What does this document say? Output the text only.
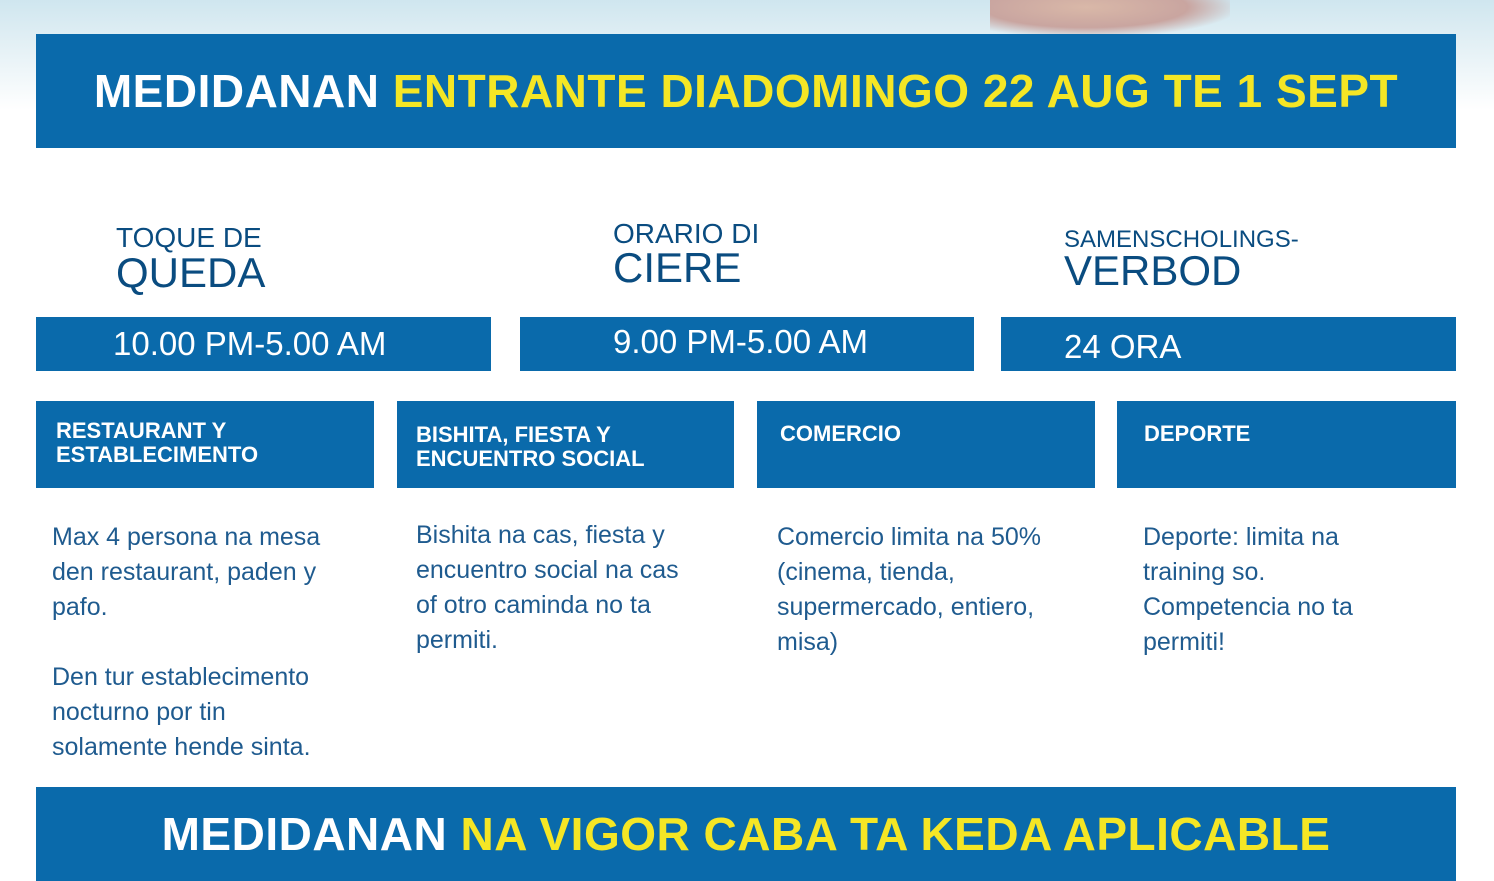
MEDIDANAN
ENTRANTE DIADOMINGO 22 AUG TE 1 SEPT
TOQUE DE
QUEDA
ORARIO DI
CIERE
SAMENSCHOLINGS-
VERBOD
10.00 PM-5.00 AM	9.00 PM-5.00 AM	24 ORA
RESTAURANT Y
ESTABLECIMENTO
BISHITA, FIESTA Y
ENCUENTRO SOCIAL
COMERCIO	DEPORTE
Max 4 persona na mesa
den restaurant, paden y
pafo.

Den tur establecimento
nocturno por tin
solamente hende sinta.
Bishita na cas, fiesta y
encuentro social na cas
of otro caminda no ta
permiti.
Comercio limita na 50%
(cinema, tienda,
supermercado, entiero,
misa)
Deporte: limita na
training so.
Competencia no ta
permiti!
MEDIDANAN
NA VIGOR CABA TA KEDA APLICABLE
